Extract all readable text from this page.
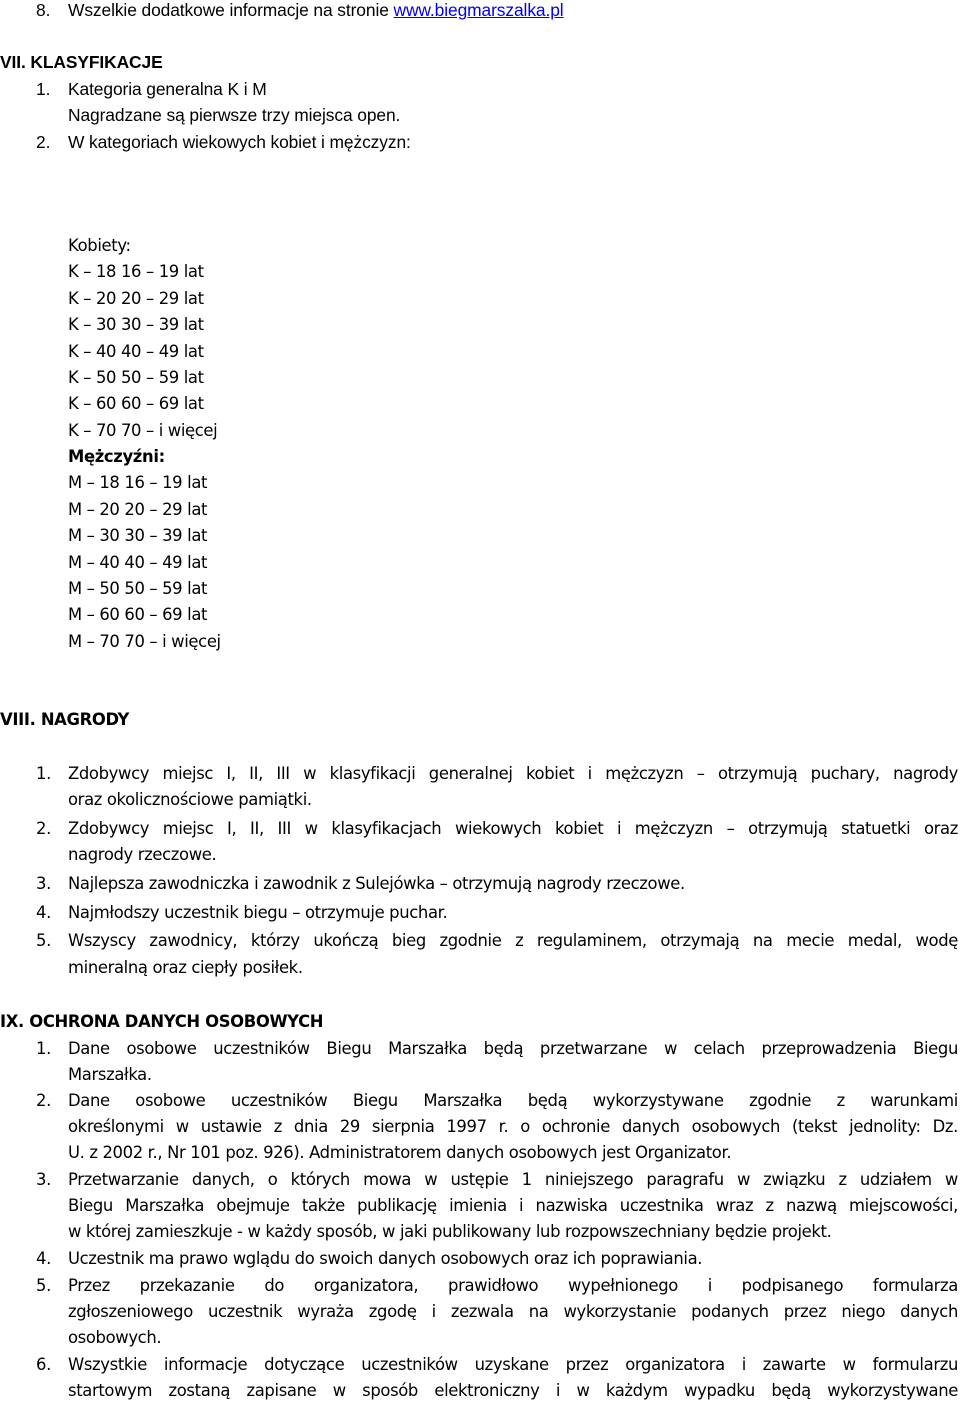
8. Wszelkie dodatkowe informacje na stronie www.biegmarszalka.pl
VII. KLASYFIKACJE
1. Kategoria generalna K i M
Nagradzane są pierwsze trzy miejsca open.
2. W kategoriach wiekowych kobiet i mężczyzn:
Kobiety:
K – 18 16 – 19 lat
K – 20 20 – 29 lat
K – 30 30 – 39 lat
K – 40 40 – 49 lat
K – 50 50 – 59 lat
K – 60 60 – 69 lat
K – 70 70 – i więcej
Mężczyźni:
M – 18 16 – 19 lat
M – 20 20 – 29 lat
M – 30 30 – 39 lat
M – 40 40 – 49 lat
M – 50 50 – 59 lat
M – 60 60 – 69 lat
M – 70 70 – i więcej
VIII. NAGRODY
1. Zdobywcy miejsc I, II, III w klasyfikacji generalnej kobiet i mężczyzn – otrzymują puchary, nagrody
oraz okolicznościowe pamiątki.
2. Zdobywcy miejsc I, II, III w klasyfikacjach wiekowych kobiet i mężczyzn – otrzymują statuetki oraz
nagrody rzeczowe.
3. Najlepsza zawodniczka i zawodnik z Sulejówka – otrzymują nagrody rzeczowe.
4. Najmłodszy uczestnik biegu – otrzymuje puchar.
5. Wszyscy zawodnicy, którzy ukończą bieg zgodnie z regulaminem, otrzymają na mecie medal, wodę
mineralną oraz ciepły posiłek.
IX. OCHRONA DANYCH OSOBOWYCH
1. Dane osobowe uczestników Biegu Marszałka będą przetwarzane w celach przeprowadzenia Biegu
Marszałka.
2. Dane osobowe uczestników Biegu Marszałka będą wykorzystywane zgodnie z warunkami
określonymi w ustawie z dnia 29 sierpnia 1997 r. o ochronie danych osobowych (tekst jednolity: Dz.
U. z 2002 r., Nr 101 poz. 926). Administratorem danych osobowych jest Organizator.
3. Przetwarzanie danych, o których mowa w ustępie 1 niniejszego paragrafu w związku z udziałem w
Biegu Marszałka obejmuje także publikację imienia i nazwiska uczestnika wraz z nazwą miejscowości,
w której zamieszkuje - w każdy sposób, w jaki publikowany lub rozpowszechniany będzie projekt.
4. Uczestnik ma prawo wglądu do swoich danych osobowych oraz ich poprawiania.
5. Przez przekazanie do organizatora, prawidłowo wypełnionego i podpisanego formularza
zgłoszeniowego uczestnik wyraża zgodę i zezwala na wykorzystanie podanych przez niego danych
osobowych.
6. Wszystkie informacje dotyczące uczestników uzyskane przez organizatora i zawarte w formularzu
startowym zostaną zapisane w sposób elektroniczny i w każdym wypadku będą wykorzystywane
